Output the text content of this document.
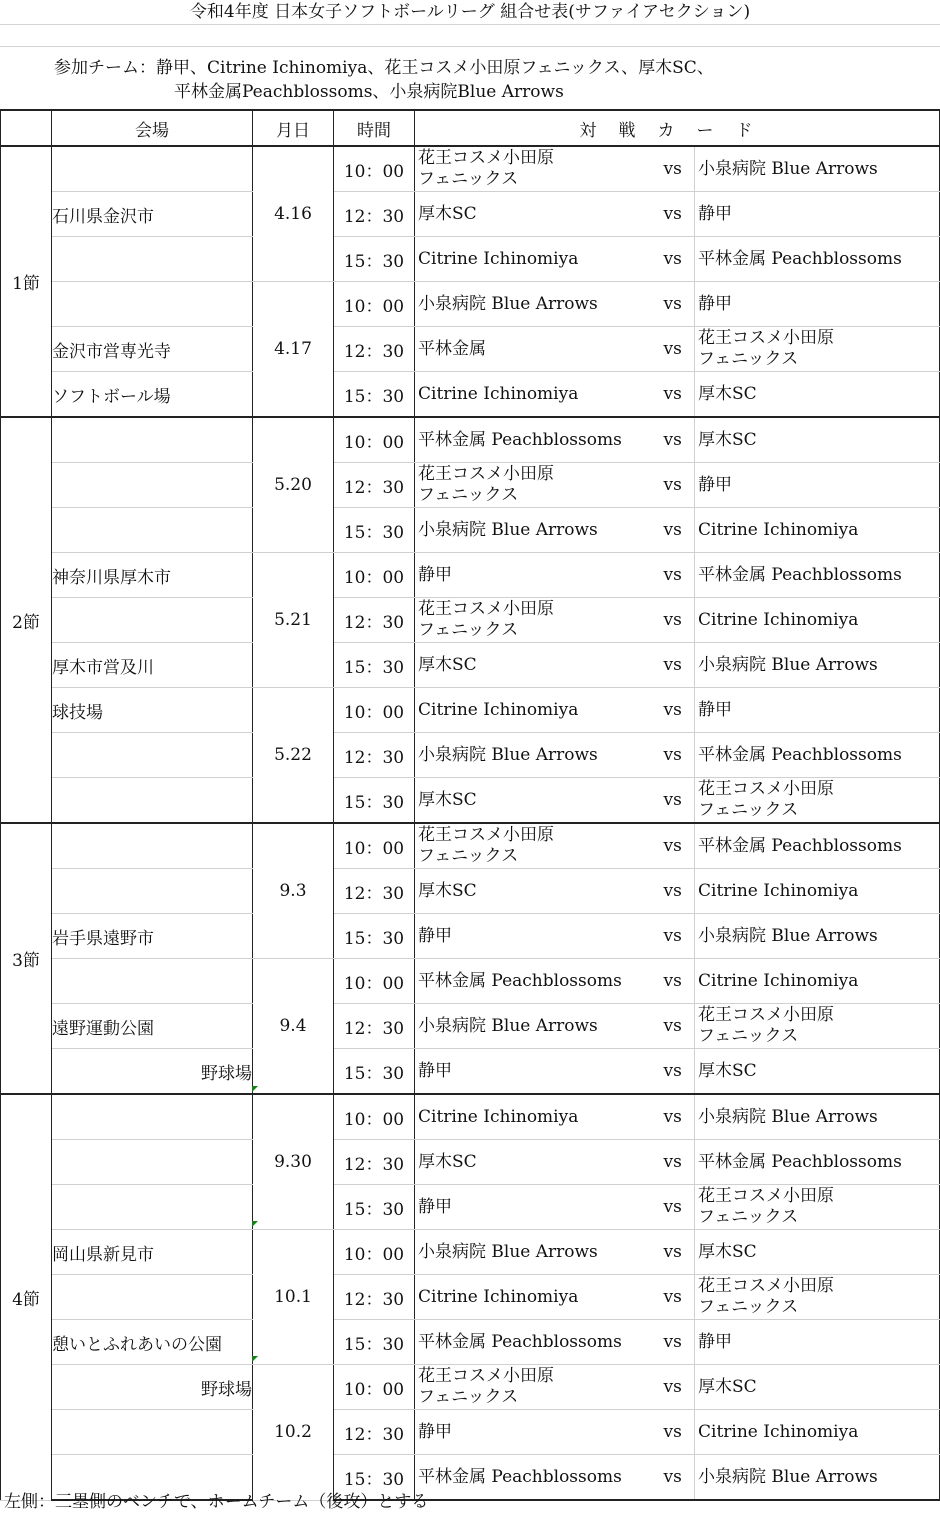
令和4年度 日本女子ソフトボールリーグ 組合せ表(サファイアセクション)
参加チーム：静甲、Citrine Ichinomiya、花王コスメ小田原フェニックス、厚木SC、
平林金属Peachblossoms、小泉病院Blue Arrows
	会場	月日	時間	対戦カード		
1節		4.16	10：00	花王コスメ小田原
フェニックス	vs	小泉病院 Blue Arrows

	石川県金沢市		12：30	厚木SC	vs	静甲

			15：30	Citrine Ichinomiya	vs	平林金属 Peachblossoms

		4.17	10：00	小泉病院 Blue Arrows	vs	静甲

	金沢市営専光寺		12：30	平林金属	vs	花王コスメ小田原
フェニックス

	ソフトボール場		15：30	Citrine Ichinomiya	vs	厚木SC

2節		5.20	10：00	平林金属 Peachblossoms	vs	厚木SC

			12：30	花王コスメ小田原
フェニックス	vs	静甲

			15：30	小泉病院 Blue Arrows	vs	Citrine Ichinomiya

	神奈川県厚木市	5.21	10：00	静甲	vs	平林金属 Peachblossoms

			12：30	花王コスメ小田原
フェニックス	vs	Citrine Ichinomiya

	厚木市営及川		15：30	厚木SC	vs	小泉病院 Blue Arrows

	球技場	5.22	10：00	Citrine Ichinomiya	vs	静甲

			12：30	小泉病院 Blue Arrows	vs	平林金属 Peachblossoms

			15：30	厚木SC	vs	花王コスメ小田原
フェニックス

3節		9.3	10：00	花王コスメ小田原
フェニックス	vs	平林金属 Peachblossoms

			12：30	厚木SC	vs	Citrine Ichinomiya

	岩手県遠野市		15：30	静甲	vs	小泉病院 Blue Arrows

		9.4	10：00	平林金属 Peachblossoms	vs	Citrine Ichinomiya

	遠野運動公園		12：30	小泉病院 Blue Arrows	vs	花王コスメ小田原
フェニックス

	野球場		15：30	静甲	vs	厚木SC

4節		9.30	10：00	Citrine Ichinomiya	vs	小泉病院 Blue Arrows

			12：30	厚木SC	vs	平林金属 Peachblossoms

			15：30	静甲	vs	花王コスメ小田原
フェニックス

	岡山県新見市	10.1	10：00	小泉病院 Blue Arrows	vs	厚木SC

			12：30	Citrine Ichinomiya	vs	花王コスメ小田原
フェニックス

	憩いとふれあいの公園		15：30	平林金属 Peachblossoms	vs	静甲

	野球場	10.2	10：00	花王コスメ小田原
フェニックス	vs	厚木SC

			12：30	静甲	vs	Citrine Ichinomiya

			15：30	平林金属 Peachblossoms	vs	小泉病院 Blue Arrows
左側：三塁側のベンチで、ホームチーム（後攻）とする
